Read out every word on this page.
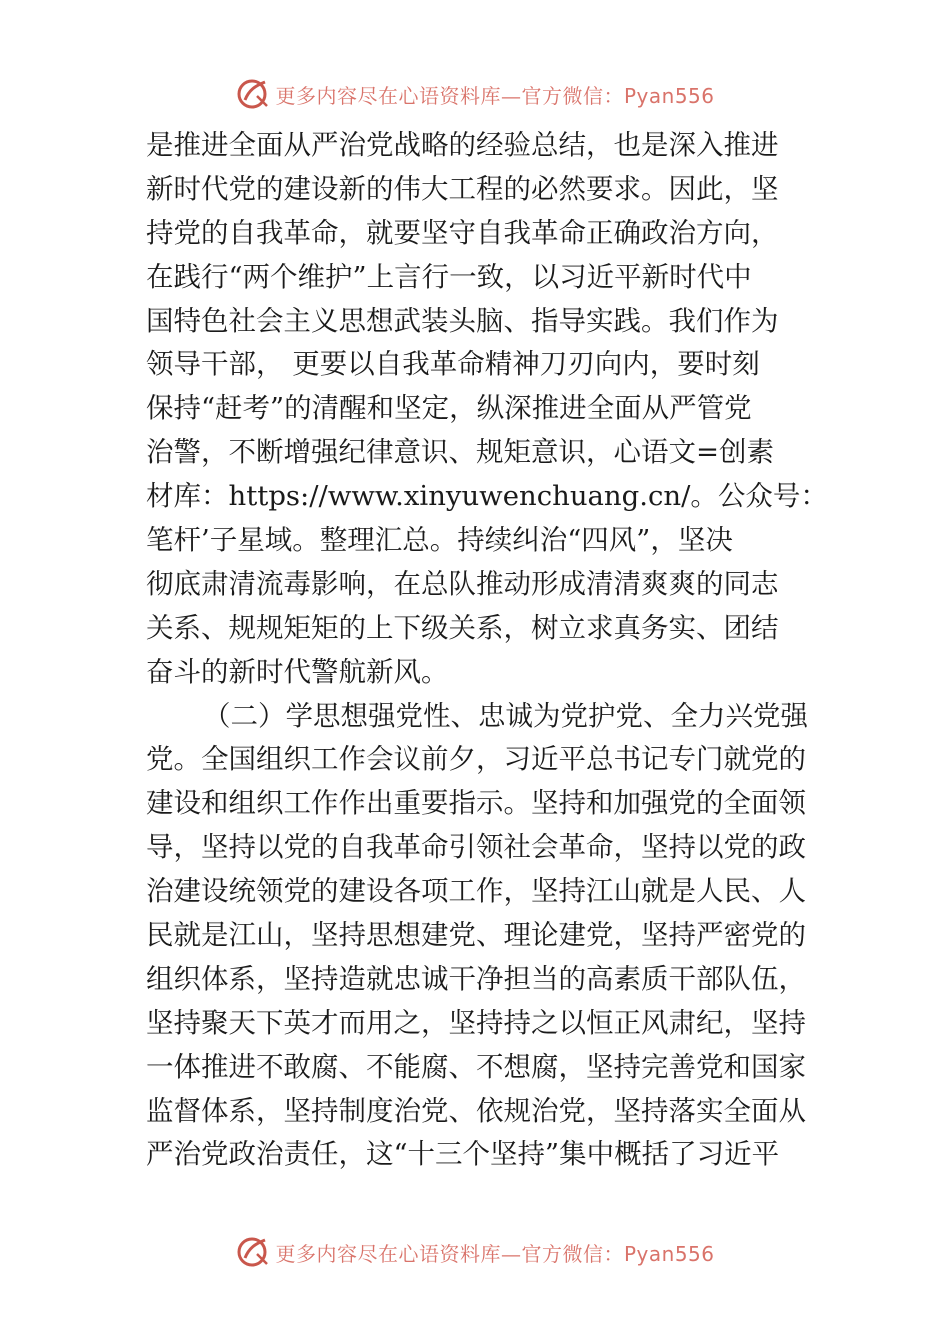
更多内容尽在心语资料库—官方微信：Pyan556
是推进全面从严治党战略的经验总结，也是深入推进
新时代党的建设新的伟大工程的必然要求。因此，坚
持党的自我革命，就要坚守自我革命正确政治方向，
在践行“两个维护”上言行一致，以习近平新时代中
国特色社会主义思想武装头脑、指导实践。我们作为
领导干部， 更要以自我革命精神刀刃向内，要时刻
保持“赶考”的清醒和坚定，纵深推进全面从严管党
治警，不断增强纪律意识、规矩意识，心语文=创素
材库：https://www.xinyuwenchuang.cn/。公众号：
笔杆’子星域。整理汇总。持续纠治“四风”，坚决
彻底肃清流毒影响，在总队推动形成清清爽爽的同志
关系、规规矩矩的上下级关系，树立求真务实、团结
奋斗的新时代警航新风。
（二）学思想强党性、忠诚为党护党、全力兴党强
党。全国组织工作会议前夕，习近平总书记专门就党的
建设和组织工作作出重要指示。坚持和加强党的全面领
导，坚持以党的自我革命引领社会革命，坚持以党的政
治建设统领党的建设各项工作，坚持江山就是人民、人
民就是江山，坚持思想建党、理论建党，坚持严密党的
组织体系，坚持造就忠诚干净担当的高素质干部队伍，
坚持聚天下英才而用之，坚持持之以恒正风肃纪，坚持
一体推进不敢腐、不能腐、不想腐，坚持完善党和国家
监督体系，坚持制度治党、依规治党，坚持落实全面从
严治党政治责任，这“十三个坚持”集中概括了习近平
更多内容尽在心语资料库—官方微信：Pyan556
